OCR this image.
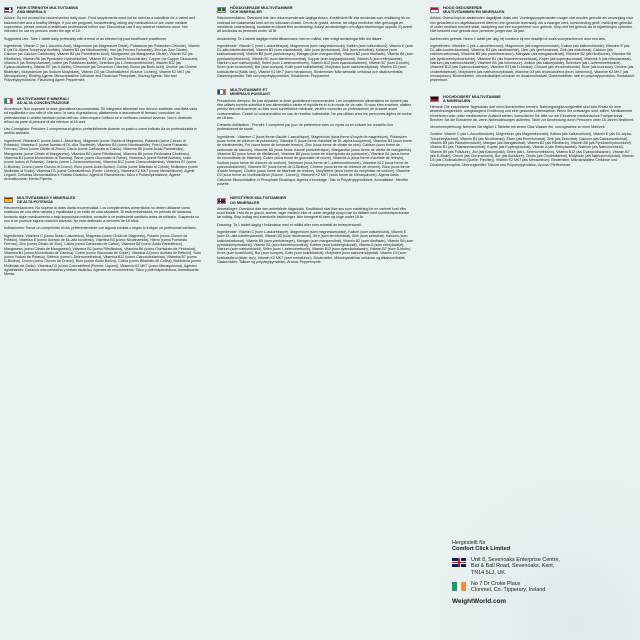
HIGH STRENGTH MULTIVITAMINS
AND MINERALS

Advice: Do not exceed the recommended daily dose. Food supplements must not be used as a substitute for a varied and balanced diet and a healthy lifestyle. If you are pregnant, breastfeeding, taking any medications or are under medical supervision, please consult a healthcare professional before use. Discontinue use if any adverse reactions occur. Not intended for use by persons under the age of 18.

Suggested Use: Take 1 tablet daily, preferably with a meal or as directed by your healthcare practitioner.

Ingredients: Vitamin C (as L-Ascorbic Acid), Magnesium (as Magnesium Oxide), Potassium (as Potassium Chloride), Vitamin E (as DL-Alpha Tocopheryl Acetate), Vitamin B3 (as Nicotinamide), Iron (as Ferrous Fumarate), Zinc (as Zinc Citrate), Calcium (as Calcium Carbonate), Vitamin B5 (as Pantothenic Acid), Manganese (as Manganese Citrate), Vitamin B2 (as Riboflavin), Vitamin B6 (as Pyridoxine Hydrochloride), Vitamin B1 (as Thiamin Mononitrate), Copper (as Copper Gluconate), Vitamin A (as Retinyl Acetate), Iodine (as Potassium Iodide), Selenium (as L-Selenomethionine), Vitamin B12 (as Cyanocobalamin), Vitamin B7 (as D-Biotin), Chromium (as Chromium Chloride), Boron (as Boric Acid), Choline (as Choline Bitartrate), Molybdenum (as Sodium Molybdate), Vitamin D3 (as Cholecalciferol (Source: Lichen)), Vitamin K2 MK7 (as Menaquinone). Binding Agents: Microcrystalline Cellulose and Dicalcium Phosphate, Glazing Agents: Talc and Polyvinylpyrrolidone, Flavouring Agent: Peppermint.

MULTIVITAMINE E MINERALI
AD ALTA CONCENTRAZIONE

Avvertenze: Non superare la dose giornaliera raccomandata. Gli integratori alimentari non devono sostituire una dieta varia ed equilibrata e uno stile di vita sano. In caso di gravidanza, allattamento o assunzione di farmaci, consultare un professionista in ambito sanitario prima dell'uso. Interrompere l'utilizzo se si verificano reazioni avverse. Non è destinato all'uso da parte di persone di età inferiore ai 18 anni.

Uso Consigliato: Prendere 1 compressa al giorno, preferibilmente durante un pasto o come indicato da un professionista in ambito sanitario.

Ingredienti: Vitamina C (come Acido L-Ascorbico), Magnesio (come Ossido di Magnesio), Potassio (come Cloruro di Potassio), Vitamina E (come Acetato di DL-Alfa Tocoferile), Vitamina B3 (come Nicotinamide), Ferro (come Fumarato Ferroso), Zinco (come Citrato di Zinco), Calcio (come Carbonato di Calcio), Vitamina B5 (come Acido Pantotenico), Manganese (come Citrato di Manganese), Vitamina B2 (come Riboflavina), Vitamina B6 (come Piridossina Cloridrato), Vitamina B1 (come Mononitrato di Tiamina), Rame (come Gluconato di Rame), Vitamina A (come Retinil Acetato), Iodio (come Ioduro di Potassio), Selenio (come L-Selenometionina), Vitamina B12 (come Cianocobalamina), Vitamina B7 (come D-Biotina), Cromo (come Cloruro di Cromo), Boro (come Acido Borico), Colina (come Bitartrato di Colina), Molibdeno (come Molibdato di Sodio), Vitamina D3 (come Colecalciferolo (Fonte: Lichene)), Vitamina K2 MK7 (come Menachinone). Agenti Leganti: Cellulosa Microcristallina e Fosfato Dicalcico, Agenti di Rivestimento: Talco e Polivinilpirrolidone, Agente Aromatizzante: Menta Piperita.

MULTIVITAMINAS Y MINERALES
DE ALTA POTENCIA

Recomendaciones: No superar la dosis diaria recomendada. Los complementos alimenticios no deben utilizarse como sustitutos de una dieta variada y equilibrada y un estilo de vida saludable. Si está embarazada, en periodo de lactancia, tomando algún medicamento o bajo supervisión médica, consulte a un profesional sanitario antes de utilizarlo. Suspenda su uso si se produce alguna reacción adversa. No está destinado a menores de 18 años.

Indicaciones: Tomar un comprimido al día, preferentemente con alguna comida o según lo indique un profesional sanitario.

Ingredientes: Vitamina C (como Ácido L-ascórbico), Magnesio (como Óxido de Magnesio), Potasio (como Cloruro de Potasio), Vitamina E (como Acetato de DL-alfa tocoferilo), Vitamina B3 (como Nicotinamida), Hierro (como Fumarato Ferroso), Zinc (como Citrato de Zinc), Calcio (como Carbonato de Calcio), Vitamina B5 (como Ácido Pantoténico), Manganeso (como Citrato de Manganeso), Vitamina B2 (como Riboflavina), Vitamina B6 (como Clorhidrato de Piridoxina), Vitamina B1 (como Mononitrato de Tiamina), Cobre (como Gluconato de Cobre), Vitamina A (como Acetato de Retinilo), Yodo (como Yoduro de Potasio), Selenio (como L-Selenometionina), Vitamina B12 (como Cianocobalamina), Vitamina B7 (como D-Biotina), Cromo (como Cloruro de Cromo), Boro (como Ácido Bórico), Colina (como Bitartrato de Colina), Molibdeno (como Molibdato de Sodio), Vitamina D3 (como Colecalciferol (Fuente: Liquen)), Vitamina K2 MK7 (como Menaquinona). Agentes aglutinantes: Celulosa microcristalina y fosfato dicálcico, Agentes de recubrimiento: Talco y polivinilpirrolidona, Aromatizante: Menta.

HÖGDOSERADE MULTIVITAMINER
OCH MINERALER

Rekommendation: Överskrid inte den rekommenderade dagliga dosen. Kosttillskott får inte användas som ersättning för en varierad och balanserad kost och en hälsosam livsstil. Om du är gravid, ammar, tar några mediciner eller genomgår en medicinsk undersökning, kontakta en läkare före användning. Avbryt användningen om några biverkningar uppstår. Ej avsett att användas av personer under 18 år.

Användning: Ta 1 tablett dagligen helst tillsammans med en måltid, eller enligt anvisningar från din läkare.

Ingredienser: Vitamin C (som L-askorbinsyra), Magnesium (som magnesiumoxid), Kalium (som kaliumklorid), Vitamin E (som DL-alfa-tokoferolacetat), Vitamin B3 (som nikotinamid), Järn (som järnfumarat), Zink (som zinkcitrat), Kalcium (som kalciumkarbonat), Vitamin B5 (som pantotensyra), Mangan (som mangancitrat), Vitamin B2 (som riboflavin), Vitamin B6 (som pyridoxinhydroklorid), Vitamin B1 (som tiaminmononitrat), Koppar (som kopparglukonat), Vitamin A (som retinylacetat), Natrium (som natriumjodid), Selen (som L-selenometionin), Vitamin B12 (som cyanokobalamin), Vitamin B7 (som D-biotin), Krom (som kromklorid), Bor (som borsyra), Kolin (som kolinbitartrat), Molybden (som natriummolybdat), Vitamin D3 (som kolekalciferol (Källa: lav)), Vitamin K2 MK7 (som menakinon). Bindemedel: Mikrokristallin cellulosa och dikalciumfosfat, Glaseringsmedel: Talk och polyvinylpyrrolidon, Smakämne: Pepparmint.

MULTIVITAMINES ET
MINÉRAUX PUISSANT

Précautions d'emploi: Ne pas dépasser la dose quotidienne recommandée. Les compléments alimentaires ne doivent pas être utilisés comme substitut à une alimentation variée et équilibrée et à un mode de vie sain. Si vous êtes enceinte, allaitez, prenez des médicaments ou êtes sous surveillance médicale, veuillez consulter un professionnel de la santé avant consommation. Cesser la consommation en cas de réaction indésirable. Ne pas utiliser chez les personnes âgées de moins de 18 ans.

Conseils d'utilisation : Prendre 1 comprimé par jour, de préférence avec un repas ou en suivant les conseils d'un professionnel de santé.

Ingrédients : Vitamine C (sous forme d'acide L-ascorbique), Magnésium (sous forme d'oxyde de magnésium), Potassium (sous forme de chlorure de potassium), Vitamine E (sous forme d'acétate de DL-alpha-tocophérol), Vitamine B3 (sous forme de nicotinamide), Fer (sous forme de fumarate ferreux), Zinc (sous forme de citrate de zinc), Calcium (sous forme de carbonate de calcium), Vitamine B5 (sous forme d'acide pantothénique), Manganèse (sous forme de citrate de manganèse), Vitamine B2 (sous forme de riboflavine), Vitamine B6 (sous forme de chlorhydrate de pyridoxine), Vitamine B1 (sous forme de mononitrate de thiamine), Cuivre (sous forme de gluconate de cuivre), Vitamine A (sous forme d'acétate de rétinyle), Sodium (sous forme de chlorure de sodium), Sélénium (sous forme de L-sélénométhionine), Vitamine B12 (sous forme de cyanocobalamine), Vitamine B7 (sous forme de D-Biotine), Chrome (sous forme de chlorure de chrome), Bore (sous forme d'acide borique), Choline (sous forme de bitartrate de choline), Molybdène (sous forme de molybdate de sodium), Vitamine D3 (sous forme de cholécalciférol (Source : Lichen)), Vitamine K2 MK7 (sous forme de Ménaquinone). Agents liants : Cellulose Microcristalline et Phosphate Dicalcique, Agents d'enrobage : Talc et Polyvinylpyrrolidone, Aromatisant : Menthe poivrée.

HØYSTYRKE MULTIVITAMINER
OG MINERALER

Anbefalinger: Overskrid ikke den anbefalede dagsdosis. Kosttilskud skal ikke ses som erstatning for en varieret kost eller sund livsstil. Hvis du er gravid, ammer, tager medicin eller er under lægeligt opsyn bør du rådføre med sundhedspersonale før indtag. Stop indtag ved eventuelle bivirkninger. Ikke beregnet til børn og unge under 18 år.

Dosering: Ta 1 tablett daglig i forbindelse med et måltid eller som anbefalt av helsepersonell.

Ingredienser: Vitamin C (som L-askorbinsyre), Magnesium (som magnesiumoksid), Kalium (som kaliumklorid), Vitamin E (som DL-alfa-tokoferylacetat), Vitamin B3 (som nikotinamid), Jern (som ferrofumarat), Sink (som sinksitrat), Kalsium (som kalsiumkarbonat), Vitamin B5 (som pantotensyre), Mangan (som mangansitrat), Vitamin B2 (som riboflavin), Vitamin B6 (som pyridoksinhydroklorid), Vitamin B1 (som tiaminmononitrat), Kobber (som kobberglukonat), Vitamin A (som retinylacetat), Natrium (som natriumklorid), Selen (som L-selenometionin), Vitamin B12 (som cyanokobalamin), Vitamin B7 (som D-biotin), Krom (som kromklorid), Bor (som borsyre), Kolin (som kolinbitartrat), Molybden (som natriummolybdat), Vitamin D3 (som kolekalsiferol (kilde: lav)), Vitamin K2 MK7 (som menakinon). Bindemidler: Mikrokrystallinsk cellulose og dikalsiumfosfat, Glasurmidler: Talkum og polyvinylpyrrolidon, Aroma: Peppermynte.

HOOG GEDOSEERDE
MULTIVITAMINEN EN MINERALEN

Advies: Overschrijd de aanbevolen dagelijkse dosis niet. Voedingssupplementen mogen niet worden gebruikt als vervanging voor een gevarieerd en uitgebalanceerd dieet en een gezonde levensstijl. Als u zwanger bent, borstvoeding geeft, medicijnen gebruikt of onder medisch toezicht staat, raadpleeg dan een zorgverlener voor gebruik. Stop met het gebruik als er bijwerkingen optreden. Niet bedoeld voor gebruik door personen jonger dan 18 jaar.

Aanbevolen gebruik: Neem 1 tablet per dag, bij voorkeur bij een maaltijd of zoals voorgeschreven door een arts.

Ingrediënten: Vitamine C (als L-ascorbinezuur), Magnesium (als magnesiumoxide), Kalium (als kaliumchloride), Vitamine E (als DL-alfa-tocoferolacetaat), Vitamine B3 (als nicotinamide), IJzer (als ijzerfumaraat), Zink (als zinkcitraat), Calcium (als calciumcarbonaat), Vitamine B5 (als pantotheenzuur), Mangaan (als mangaancitraat), Vitamine B2 (als riboflavine), Vitamine B6 (als pyridoxinehydrochloride), Vitamine B1 (als thiaminemononitraat), Koper (als kopergluconaat), Vitamine A (als retinylacetaat), Natrium (als natriumchloride), Vitamine B9 (als foliumzuur), Jodium (als kaliumjodide), Selenium (als L-selenomethionine), Vitamine B12 (als Cyanocobalamine), Vitamine B7 (als D-biotine), Chroom (als chroomchloride), Boor (als boorzuur), Choline (als cholinebitartraat), Molybdeen (als natriummolybdaat), Vitamine D3 (als cholecalciferol (bron: korstmos)), Vitamine K2 MK7 (als menaquinon). Bindmiddelen: microkristallijne cellulose en dicalciumfosfaat, Glansmiddelen: talk en polyvinylpyrrolidon, Smaakstof: pepermunt.

HOCHDOSIERT MULTIVITAMINE
& MINERALIEN

Hinweis: Die empfohlene Tagesdosis darf nicht überschritten werden. Nahrungsergänzungsmittel sind kein Ersatz für eine abwechslungsreiche, ausgewogene Ernährung und eine gesunde Lebensweise. Wenn Sie schwanger sind, stillen, Medikamente einnehmen oder unter medizinischer Aufsicht stehen, konsultieren Sie bitte vor der Einnahme medizinisches Fachpersonal. Brechen Sie die Einnahme ab, wenn Nebenwirkungen auftreten. Nicht zur Anwendung durch Personen unter 18 Jahren bestimmt.

Verzehrempfehlung: Nehmen Sie täglich 1 Tablette mit einem Glas Wasser ein, vorzugsweise zu einer Mahlzeit.

Zutaten: Vitamin C (als L-Ascorbinsäure), Magnesium (als Magnesiumoxid), Kalium (als Kaliumchlorid), Vitamin E (als DL-Alpha-Tocopherylacetat), Vitamin B3 (als Nicotinamid), Eisen (als Eisenfumarat), Zink (als Zinkcitrat), Calcium (als Calciumcarbonat), Vitamin B5 (als Pantothensäure), Mangan (als Mangancitrat), Vitamin B2 (als Riboflavin), Vitamin B6 (als Pyridoxinhydrochlorid), Vitamin B1 (als Thiaminmononitrat), Kupfer (als Kupfergluconat), Vitamin A (als Retinylacetat), Natrium (als Natriumchlorid), Vitamin B9 (als Folsäure), Jod (als Kaliumjodid), Selen (als L-Selenomethionin), Vitamin B12 (als Cyanocobalamin), Vitamin B7 (als D-Biotin), Chrom (als Chromchlorid), Bor (als Borsäure), Cholin (als Cholinbitartrat), Molybdän (als Natriummolybdat), Vitamin D3 (als Cholecalciferol (Quelle: Flechte)), Vitamin K2 MK7 (als Menachinon). Bindemittel: Mikrokristalline Cellulose und Dicalciumphosphat, Überzugsmittel: Talkum und Polyvinylpyrrolidon, Aroma: Pfefferminze.

Hergestellt für
Comfort Click Limited
Unit 8, Sevenoaks Enterprise Centre,
Bat & Ball Road, Sevenoaks, Kent,
TN14 5LJ, UK
No 7 Dr Croke Place
Clonmel, Co. Tipperary, Ireland
WeightWorld.com
